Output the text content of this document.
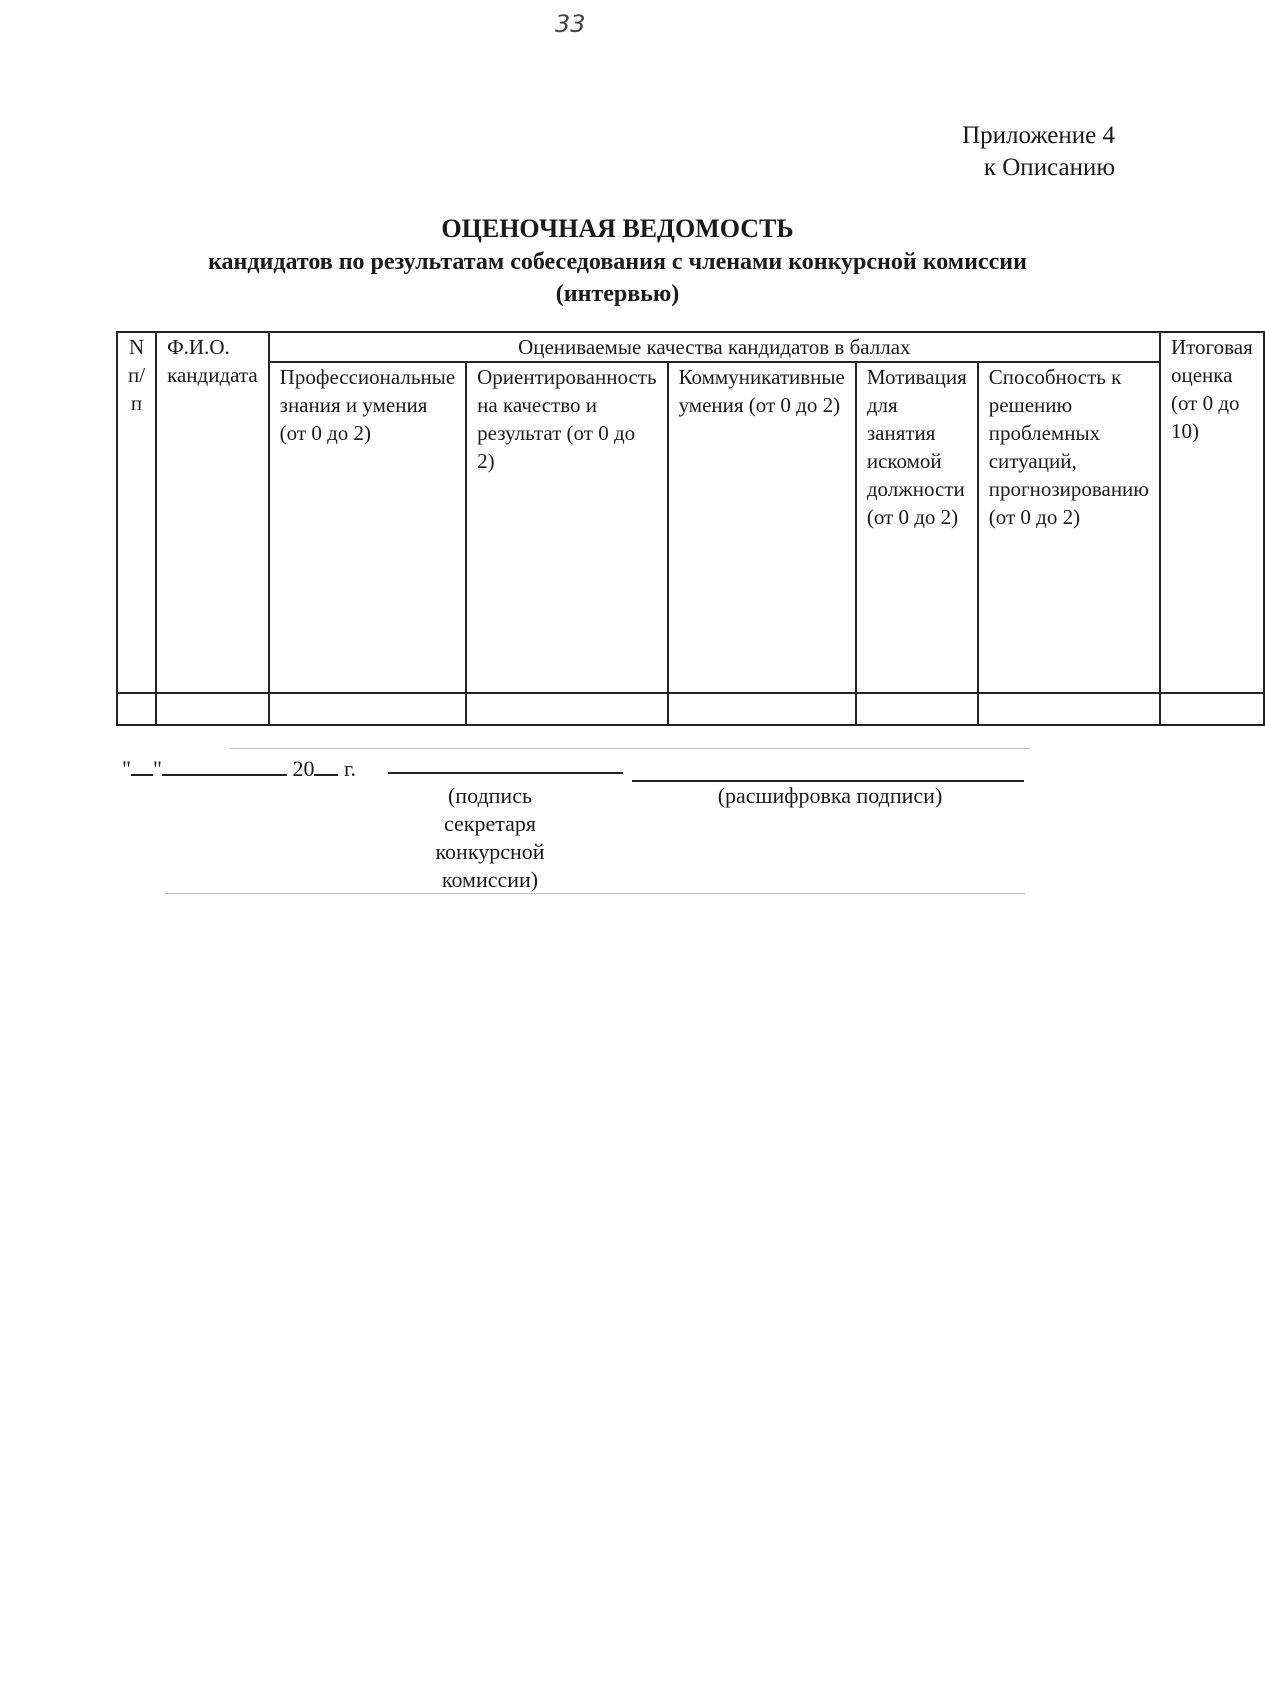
33
Приложение 4
к Описанию
ОЦЕНОЧНАЯ ВЕДОМОСТЬ
кандидатов по результатам собеседования с членами конкурсной комиссии
(интервью)
N п/п	Ф.И.О. кандидата	Оцениваемые качества кандидатов в баллах					Итоговая оценка (от 0 до 10)
		Профессиональные знания и умения (от 0 до 2)	Ориентированность на качество и результат (от 0 до 2)	Коммуникативные умения (от 0 до 2)	Мотивация для занятия искомой должности (от 0 до 2)	Способность к решению проблемных ситуаций, прогнозированию (от 0 до 2)	

" "	20 г.
(подпись секретаря конкурсной комиссии)
(расшифровка подписи)
